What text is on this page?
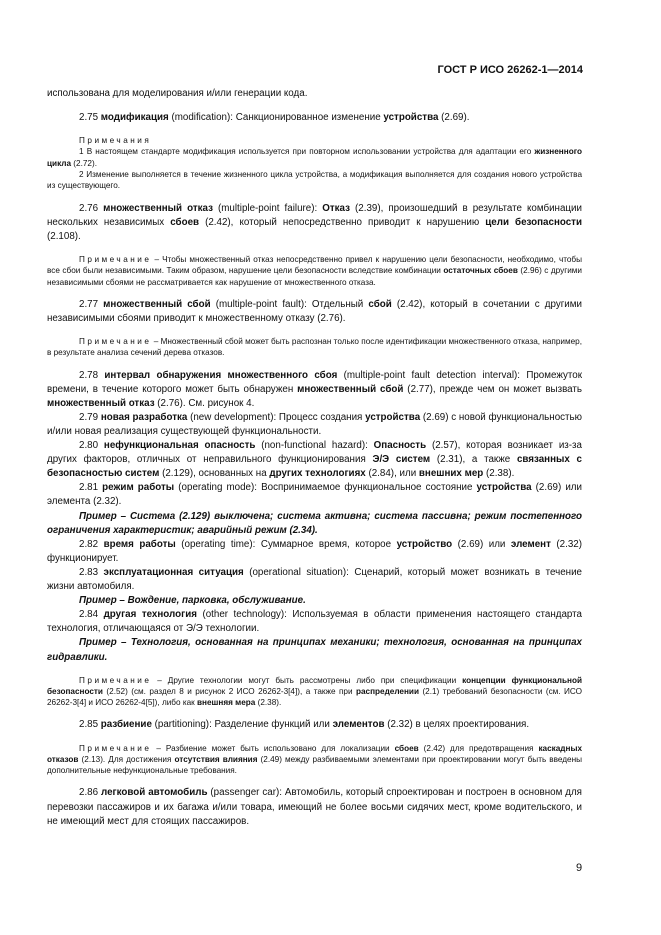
ГОСТ Р ИСО 26262-1—2014

использована для моделирования и/или генерации кода.

2.75 модификация (modification): Санкционированное изменение устройства (2.69).

Примечания

1 В настоящем стандарте модификация используется при повторном использовании устройства для адаптации его жизненного цикла (2.72).

2 Изменение выполняется в течение жизненного цикла устройства, а модификация выполняется для создания нового устройства из существующего.

2.76 множественный отказ (multiple-point failure): Отказ (2.39), произошедший в результате комбинации нескольких независимых сбоев (2.42), который непосредственно приводит к нарушению цели безопасности (2.108).

Примечание – Чтобы множественный отказ непосредственно привел к нарушению цели безопасности, необходимо, чтобы все сбои были независимыми. Таким образом, нарушение цели безопасности вследствие комбинации остаточных сбоев (2.96) с другими независимыми сбоями не рассматривается как нарушение от множественного отказа.

2.77 множественный сбой (multiple-point fault): Отдельный сбой (2.42), который в сочетании с другими независимыми сбоями приводит к множественному отказу (2.76).

Примечание – Множественный сбой может быть распознан только после идентификации множественного отказа, например, в результате анализа сечений дерева отказов.

2.78 интервал обнаружения множественного сбоя (multiple-point fault detection interval): Промежуток времени, в течение которого может быть обнаружен множественный сбой (2.77), прежде чем он может вызвать множественный отказ (2.76). См. рисунок 4.

2.79 новая разработка (new development): Процесс создания устройства (2.69) с новой функциональностью и/или новая реализация существующей функциональности.

2.80 нефункциональная опасность (non-functional hazard): Опасность (2.57), которая возникает из-за других факторов, отличных от неправильного функционирования Э/Э систем (2.31), а также связанных с безопасностью систем (2.129), основанных на других технологиях (2.84), или внешних мер (2.38).

2.81 режим работы (operating mode): Воспринимаемое функциональное состояние устройства (2.69) или элемента (2.32).

Пример – Система (2.129) выключена; система активна; система пассивна; режим постепенного ограничения характеристик; аварийный режим (2.34).

2.82 время работы (operating time): Суммарное время, которое устройство (2.69) или элемент (2.32) функционирует.

2.83 эксплуатационная ситуация (operational situation): Сценарий, который может возникать в течение жизни автомобиля.

Пример – Вождение, парковка, обслуживание.

2.84 другая технология (other technology): Используемая в области применения настоящего стандарта технология, отличающаяся от Э/Э технологии.

Пример – Технология, основанная на принципах механики; технология, основанная на принципах гидравлики.

Примечание – Другие технологии могут быть рассмотрены либо при спецификации концепции функциональной безопасности (2.52) (см. раздел 8 и рисунок 2 ИСО 26262-3[4]), а также при распределении (2.1) требований безопасности (см. ИСО 26262-3[4] и ИСО 26262-4[5]), либо как внешняя мера (2.38).

2.85 разбиение (partitioning): Разделение функций или элементов (2.32) в целях проектирования.

Примечание – Разбиение может быть использовано для локализации сбоев (2.42) для предотвращения каскадных отказов (2.13). Для достижения отсутствия влияния (2.49) между разбиваемыми элементами при проектировании могут быть введены дополнительные нефункциональные требования.

2.86 легковой автомобиль (passenger car): Автомобиль, который спроектирован и построен в основном для перевозки пассажиров и их багажа и/или товара, имеющий не более восьми сидячих мест, кроме водительского, и не имеющий мест для стоящих пассажиров.

9
